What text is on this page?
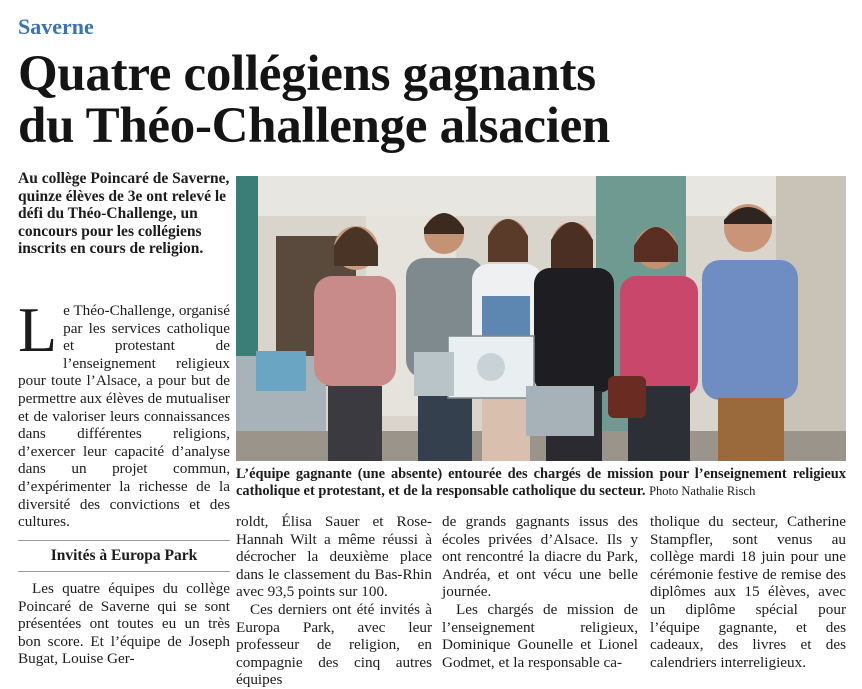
Saverne
Quatre collégiens gagnants
du Théo-Challenge alsacien
Au collège Poincaré de Saverne, quinze élèves de 3e ont relevé le défi du Théo-Challenge, un concours pour les collégiens inscrits en cours de religion.
Le Théo-Challenge, organisé par les services catholique et protestant de l’enseignement religieux pour toute l’Alsace, a pour but de permettre aux élèves de mutualiser et de valoriser leurs connaissances dans différentes religions, d’exercer leur capacité d’analyse dans un projet commun, d’expérimenter la richesse de la diversité des convictions et des cultures.
Invités à Europa Park
Les quatre équipes du collège Poincaré de Saverne qui se sont présentées ont toutes eu un très bon score. Et l’équipe de Joseph Bugat, Louise Ger-
L’équipe gagnante (une absente) entourée des chargés de mission pour l’enseignement religieux catholique et protestant, et de la responsable catholique du secteur. Photo Nathalie Risch

roldt, Élisa Sauer et Rose-Hannah Wilt a même réussi à décrocher la deuxième place dans le classement du Bas-Rhin avec 93,5 points sur 100.

Ces derniers ont été invités à Europa Park, avec leur professeur de religion, en compagnie des cinq autres équipes

de grands gagnants issus des écoles privées d’Alsace. Ils y ont rencontré la diacre du Park, Andréa, et ont vécu une belle journée.

Les chargés de mission de l’enseignement religieux, Dominique Gounelle et Lionel Godmet, et la responsable ca-

tholique du secteur, Catherine Stampfler, sont venus au collège mardi 18 juin pour une cérémonie festive de remise des diplômes aux 15 élèves, avec un diplôme spécial pour l’équipe gagnante, et des cadeaux, des livres et des calendriers interreligieux.
